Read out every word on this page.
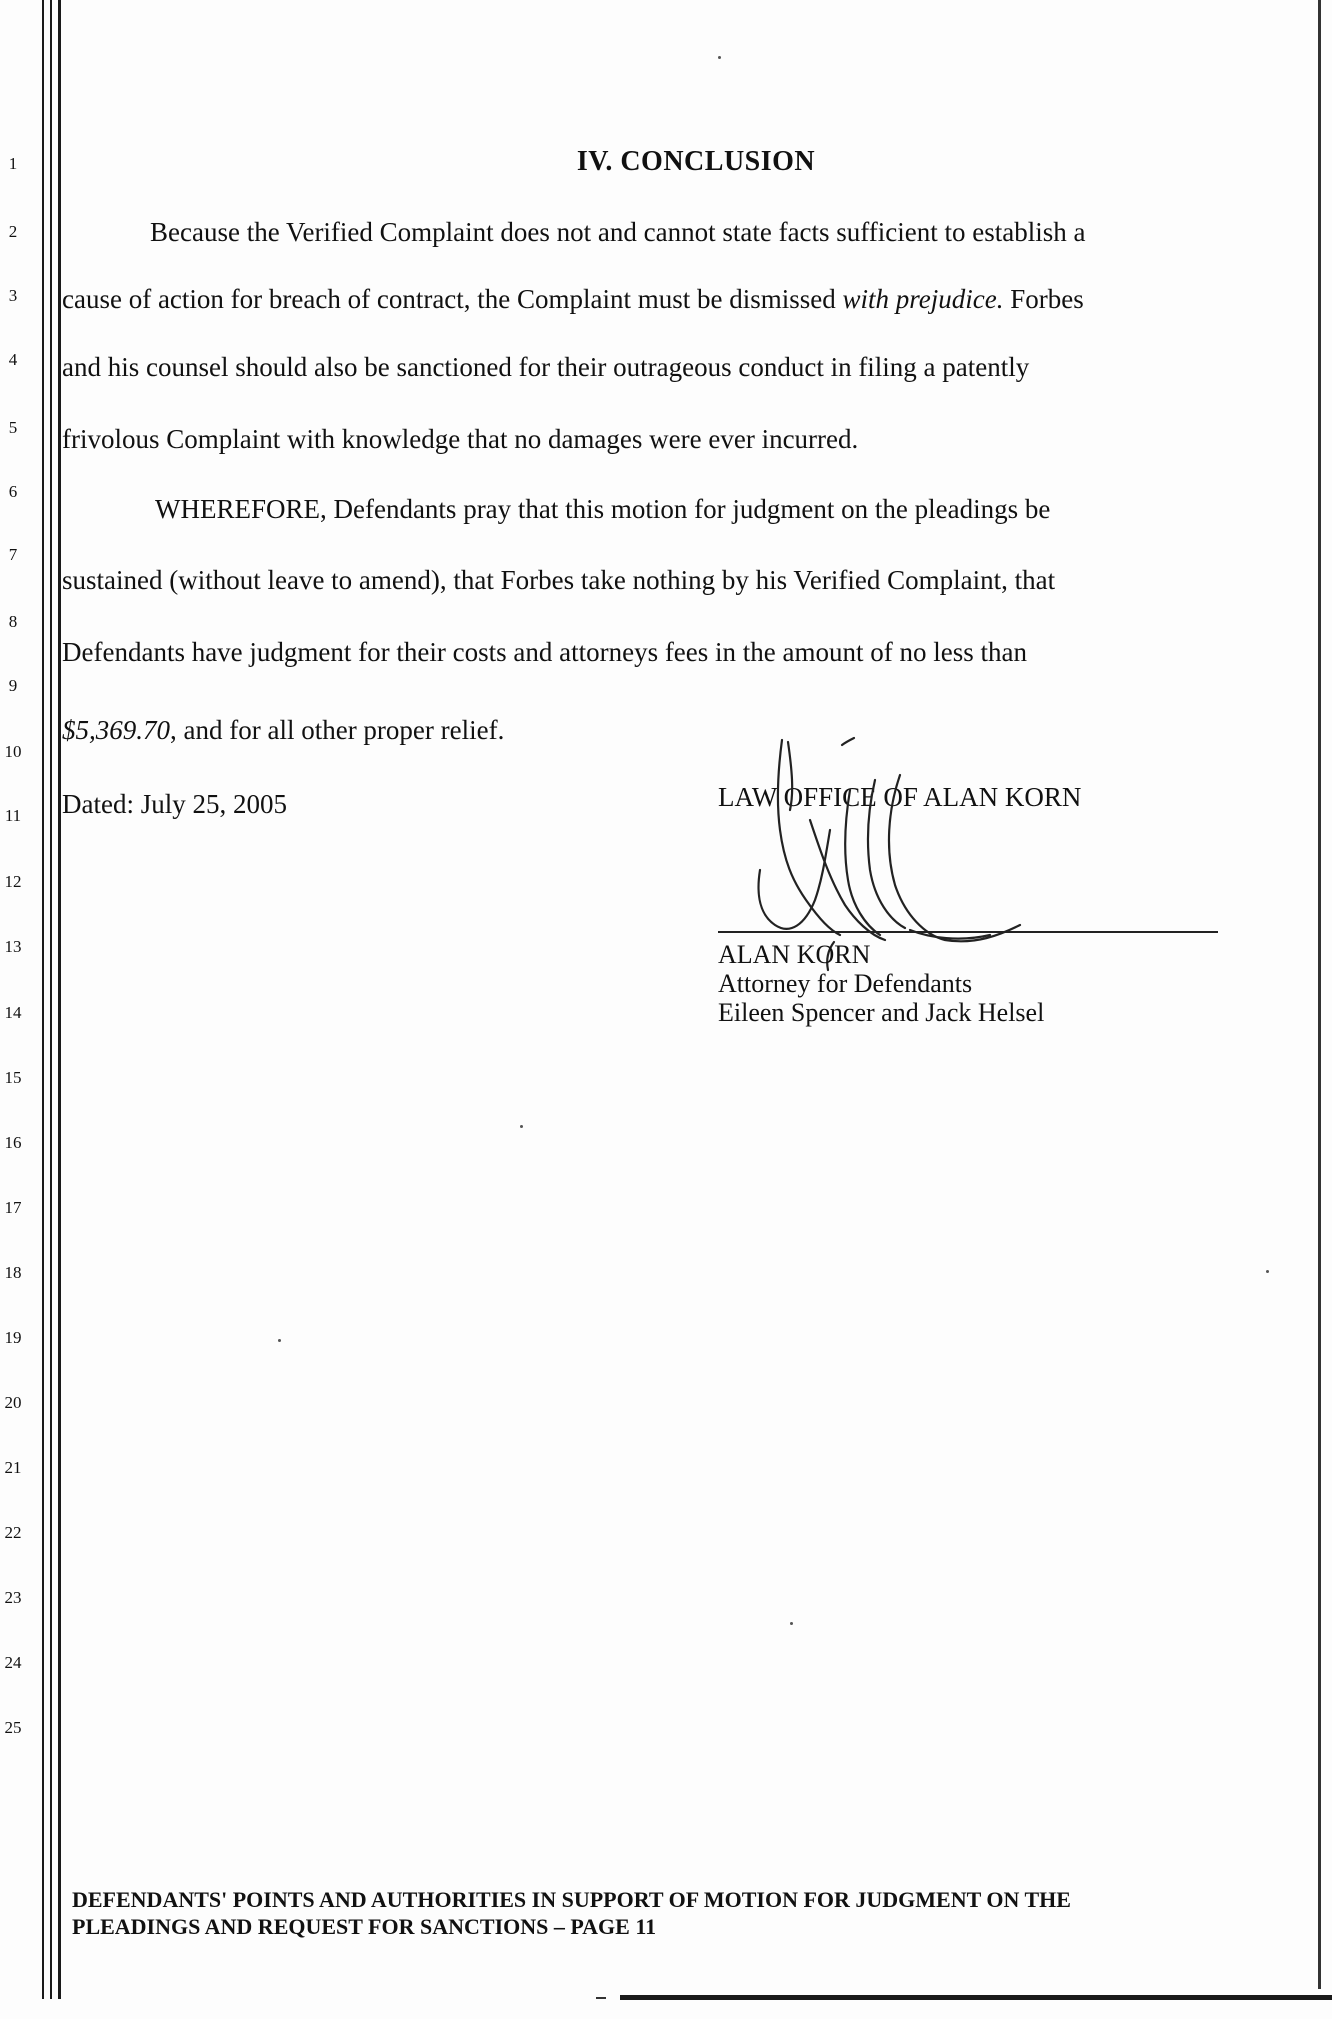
1
2
3
4
5
6
7
8
9
10
11
12
13
14
15
16
17
18
19
20
21
22
23
24
25
IV. CONCLUSION
Because the Verified Complaint does not and cannot state facts sufficient to establish a
cause of action for breach of contract, the Complaint must be dismissed with prejudice. Forbes
and his counsel should also be sanctioned for their outrageous conduct in filing a patently
frivolous Complaint with knowledge that no damages were ever incurred.
WHEREFORE, Defendants pray that this motion for judgment on the pleadings be
sustained (without leave to amend), that Forbes take nothing by his Verified Complaint, that
Defendants have judgment for their costs and attorneys fees in the amount of no less than
$5,369.70, and for all other proper relief.
Dated: July 25, 2005	LAW OFFICE OF ALAN KORN
ALAN KORN
Attorney for Defendants
Eileen Spencer and Jack Helsel
DEFENDANTS' POINTS AND AUTHORITIES IN SUPPORT OF MOTION FOR JUDGMENT ON THE
PLEADINGS AND REQUEST FOR SANCTIONS – PAGE 11
